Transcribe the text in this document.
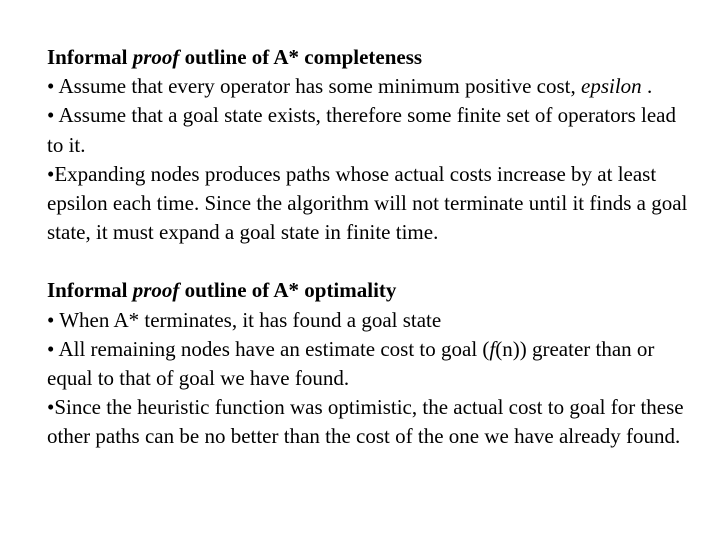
Informal proof outline of A* completeness
• Assume that every operator has some minimum positive cost, epsilon .
• Assume that a goal state exists, therefore some finite set of operators lead to it.
•Expanding nodes produces paths whose actual costs increase by at least epsilon each time. Since the algorithm will not terminate until it finds a goal state, it must expand a goal state in finite time.
Informal proof outline of A* optimality
• When A* terminates, it has found a goal state
• All remaining nodes have an estimate cost to goal (f(n)) greater than or equal to that of goal we have found.
•Since the heuristic function was optimistic, the actual cost to goal for these other paths can be no better than the cost of the one we have already found.
